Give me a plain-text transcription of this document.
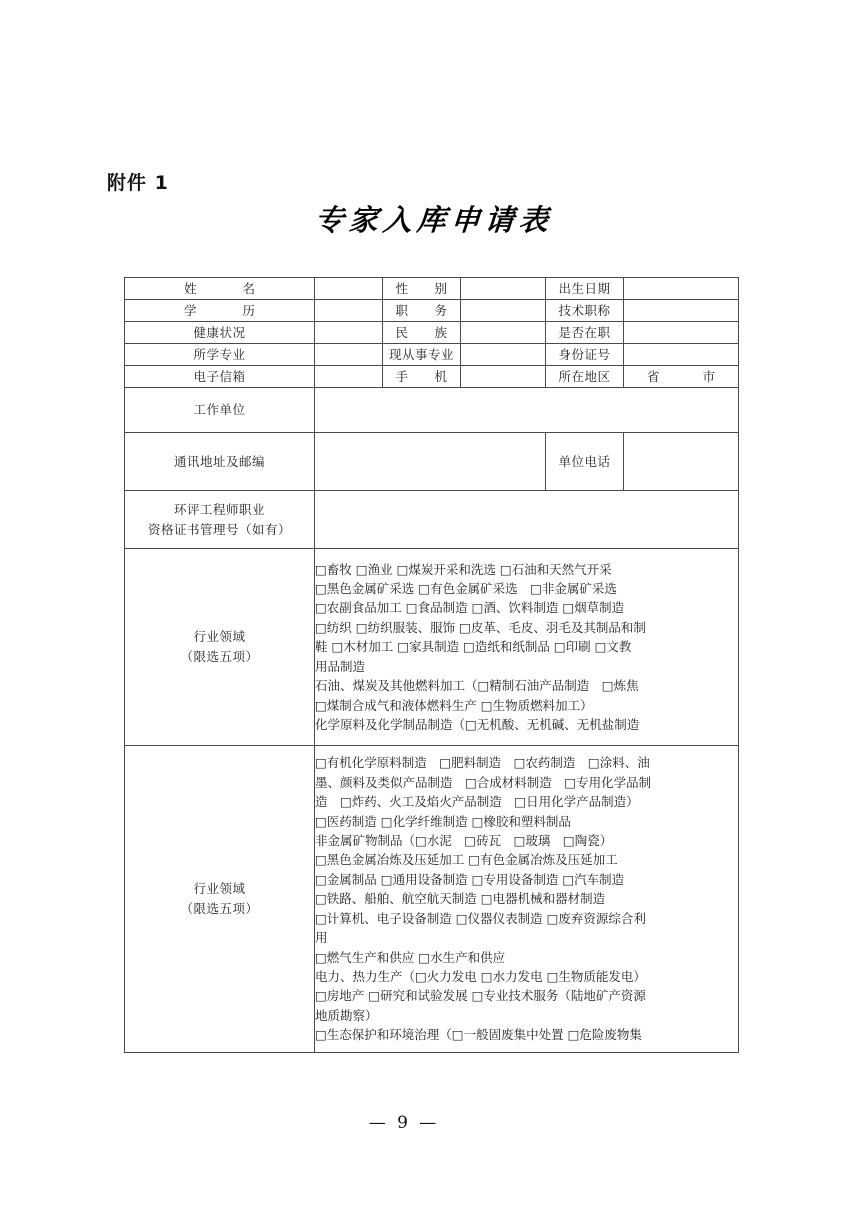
附件 1
专家入库申请表
姓　　名		性　　别		出生日期	
学　　历		职　　务		技术职称	
健康状况		民　　族		是否在职	
所学专业		现从事专业		身份证号	
电子信箱		手　　机		所在地区	省　　市
工作单位					
通讯地址及邮编				单位电话	

环评工程师职业
资格证书管理号（如有）					

行业领域
（限选五项）

□畜牧 □渔业 □煤炭开采和洗选 □石油和天然气开采
□黑色金属矿采选 □有色金属矿采选　□非金属矿采选
□农副食品加工 □食品制造 □酒、饮料制造 □烟草制造
□纺织 □纺织服装、服饰 □皮革、毛皮、羽毛及其制品和制
鞋 □木材加工 □家具制造 □造纸和纸制品 □印刷 □文教
用品制造
石油、煤炭及其他燃料加工（□精制石油产品制造　□炼焦
□煤制合成气和液体燃料生产 □生物质燃料加工）
化学原料及化学制品制造（□无机酸、无机碱、无机盐制造

行业领域
（限选五项）

□有机化学原料制造　□肥料制造　□农药制造　□涂料、油
墨、颜料及类似产品制造　□合成材料制造　□专用化学品制
造　□炸药、火工及焰火产品制造　□日用化学产品制造）
□医药制造 □化学纤维制造 □橡胶和塑料制品
非金属矿物制品（□水泥　□砖瓦　□玻璃　□陶瓷）
□黑色金属冶炼及压延加工 □有色金属冶炼及压延加工
□金属制品 □通用设备制造 □专用设备制造 □汽车制造
□铁路、船舶、航空航天制造 □电器机械和器材制造
□计算机、电子设备制造 □仪器仪表制造 □废弃资源综合利
用
□燃气生产和供应 □水生产和供应
电力、热力生产（□火力发电 □水力发电 □生物质能发电）
□房地产 □研究和试验发展 □专业技术服务（陆地矿产资源
地质勘察）
□生态保护和环境治理（□一般固废集中处置 □危险废物集
— 9 —
